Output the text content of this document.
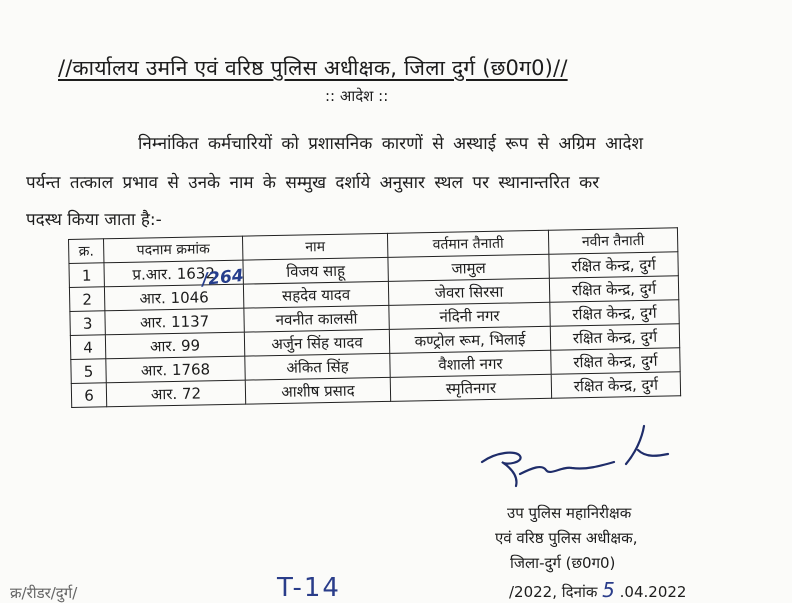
//कार्यालय उमनि एवं वरिष्ठ पुलिस अधीक्षक, जिला दुर्ग (छ0ग0)//
:: आदेश ::
निम्नांकित कर्मचारियों को प्रशासनिक कारणों से अस्थाई रूप से अग्रिम आदेश
पर्यन्त तत्काल प्रभाव से उनके नाम के सम्मुख दर्शाये अनुसार स्थल पर स्थानान्तरित कर
पदस्थ किया जाता है:-
क्र.	पदनाम क्रमांक	नाम	वर्तमान तैनाती	नवीन तैनाती
1	प्र.आर. 1632	विजय साहू	जामुल	रक्षित केन्द्र, दुर्ग
2	आर. 1046	सहदेव यादव	जेवरा सिरसा	रक्षित केन्द्र, दुर्ग
3	आर. 1137	नवनीत कालसी	नंदिनी नगर	रक्षित केन्द्र, दुर्ग
4	आर. 99	अर्जुन सिंह यादव	कण्ट्रोल रूम, भिलाई	रक्षित केन्द्र, दुर्ग
5	आर. 1768	अंकित सिंह	वैशाली नगर	रक्षित केन्द्र, दुर्ग
6	आर. 72	आशीष प्रसाद	स्मृतिनगर	रक्षित केन्द्र, दुर्ग
/264
उप पुलिस महानिरीक्षक
एवं वरिष्ठ पुलिस अधीक्षक,
जिला-दुर्ग (छ0ग0)
/2022, दिनांक 5 .04.2022
क्र/रीडर/दुर्ग/	T-14
